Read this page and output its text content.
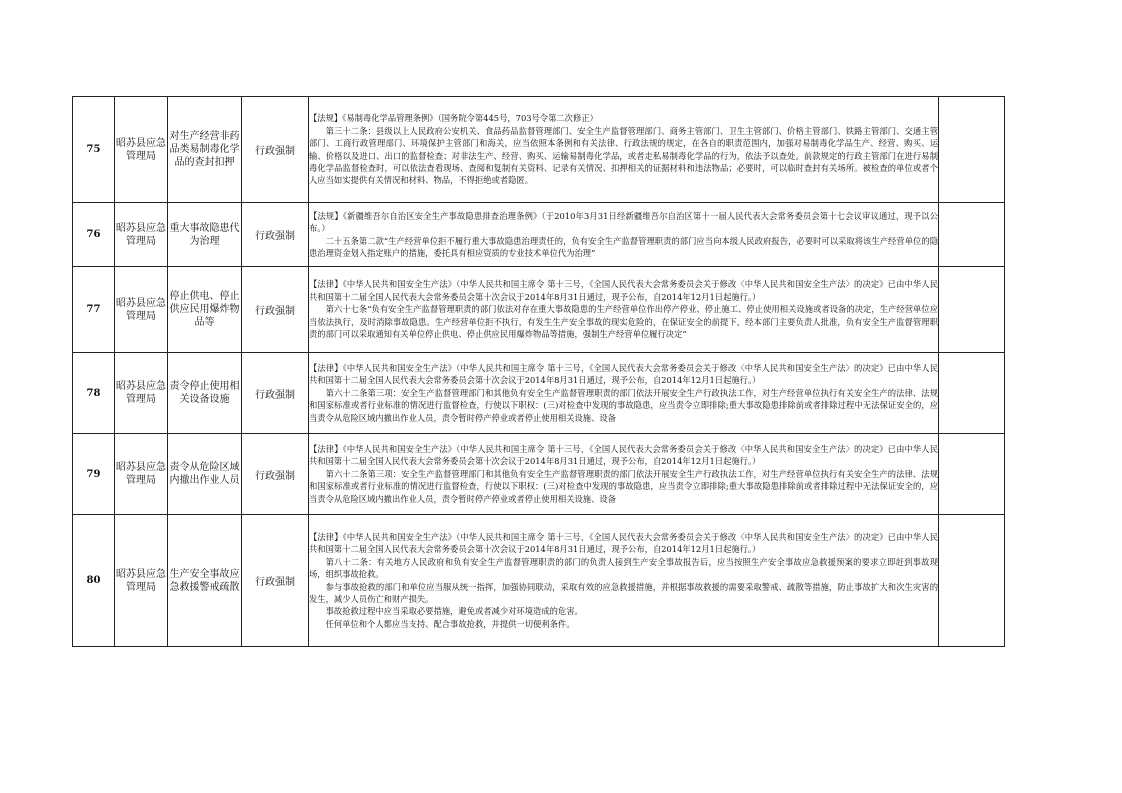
75	昭苏县应急管理局	对生产经营非药品类易制毒化学品的查封扣押	行政强制	【法规】《易制毒化学品管理条例》（国务院令第445号，703号令第二次修正）

第三十二条：县级以上人民政府公安机关、食品药品监督管理部门、安全生产监督管理部门、商务主管部门、卫生主管部门、价格主管部门、铁路主管部门、交通主管部门、工商行政管理部门、环境保护主管部门和海关，应当依照本条例和有关法律、行政法规的规定，在各自的职责范围内，加强对易制毒化学品生产、经营、购买、运输、价格以及进口、出口的监督检查；对非法生产、经营、购买、运输易制毒化学品，或者走私易制毒化学品的行为，依法予以查处。前款规定的行政主管部门在进行易制毒化学品监督检查时，可以依法查看现场、查阅和复制有关资料、记录有关情况、扣押相关的证据材料和违法物品；必要时，可以临时查封有关场所。被检查的单位或者个人应当如实提供有关情况和材料、物品，不得拒绝或者隐匿。	

76	昭苏县应急管理局	重大事故隐患代为治理	行政强制	【法规】《新疆维吾尔自治区安全生产事故隐患排查治理条例》（于2010年3月31日经新疆维吾尔自治区第十一届人民代表大会常务委员会第十七会议审议通过，现予以公布。）

二十五条第二款“生产经营单位拒不履行重大事故隐患治理责任的，负有安全生产监督管理职责的部门应当向本级人民政府报告，必要时可以采取将该生产经营单位的隐患治理资金划入指定账户的措施，委托具有相应资质的专业技术单位代为治理”	

77	昭苏县应急管理局	停止供电、停止供应民用爆炸物品等	行政强制	【法律】《中华人民共和国安全生产法》（中华人民共和国主席令 第十三号，《全国人民代表大会常务委员会关于修改〈中华人民共和国安全生产法〉的决定》已由中华人民共和国第十二届全国人民代表大会常务委员会第十次会议于2014年8月31日通过，现予公布，自2014年12月1日起施行。）

第六十七条“负有安全生产监督管理职责的部门依法对存在重大事故隐患的生产经营单位作出停产停业、停止施工、停止使用相关设施或者设备的决定，生产经营单位应当依法执行，及时消除事故隐患。生产经营单位拒不执行，有发生生产安全事故的现实危险的，在保证安全的前提下，经本部门主要负责人批准，负有安全生产监督管理职责的部门可以采取通知有关单位停止供电、停止供应民用爆炸物品等措施，强制生产经营单位履行决定”	

78	昭苏县应急管理局	责令停止使用相关设备设施	行政强制	【法律】《中华人民共和国安全生产法》（中华人民共和国主席令 第十三号，《全国人民代表大会常务委员会关于修改〈中华人民共和国安全生产法〉的决定》已由中华人民共和国第十二届全国人民代表大会常务委员会第十次会议于2014年8月31日通过，现予公布，自2014年12月1日起施行。）

第六十二条第三项：安全生产监督管理部门和其他负有安全生产监督管理职责的部门依法开展安全生产行政执法工作，对生产经营单位执行有关安全生产的法律、法规和国家标准或者行业标准的情况进行监督检查，行使以下职权：(三)对检查中发现的事故隐患，应当责令立即排除;重大事故隐患排除前或者排除过程中无法保证安全的，应当责令从危险区域内撤出作业人员，责令暂时停产停业或者停止使用相关设施、设备	

79	昭苏县应急管理局	责令从危险区域内撤出作业人员	行政强制	【法律】《中华人民共和国安全生产法》（中华人民共和国主席令 第十三号，《全国人民代表大会常务委员会关于修改〈中华人民共和国安全生产法〉的决定》已由中华人民共和国第十二届全国人民代表大会常务委员会第十次会议于2014年8月31日通过，现予公布，自2014年12月1日起施行。）

第六十二条第三项：安全生产监督管理部门和其他负有安全生产监督管理职责的部门依法开展安全生产行政执法工作，对生产经营单位执行有关安全生产的法律、法规和国家标准或者行业标准的情况进行监督检查，行使以下职权：(三)对检查中发现的事故隐患，应当责令立即排除;重大事故隐患排除前或者排除过程中无法保证安全的，应当责令从危险区域内撤出作业人员，责令暂时停产停业或者停止使用相关设施、设备	

80	昭苏县应急管理局	生产安全事故应急救援警戒疏散	行政强制	【法律】《中华人民共和国安全生产法》（中华人民共和国主席令 第十三号，《全国人民代表大会常务委员会关于修改〈中华人民共和国安全生产法〉的决定》已由中华人民共和国第十二届全国人民代表大会常务委员会第十次会议于2014年8月31日通过，现予公布，自2014年12月1日起施行。）

第八十二条：有关地方人民政府和负有安全生产监督管理职责的部门的负责人接到生产安全事故报告后，应当按照生产安全事故应急救援预案的要求立即赶到事故现场，组织事故抢救。

参与事故抢救的部门和单位应当服从统一指挥，加强协同联动，采取有效的应急救援措施，并根据事故救援的需要采取警戒、疏散等措施，防止事故扩大和次生灾害的发生，减少人员伤亡和财产损失。

事故抢救过程中应当采取必要措施，避免或者减少对环境造成的危害。

任何单位和个人都应当支持、配合事故抢救，并提供一切便利条件。	
